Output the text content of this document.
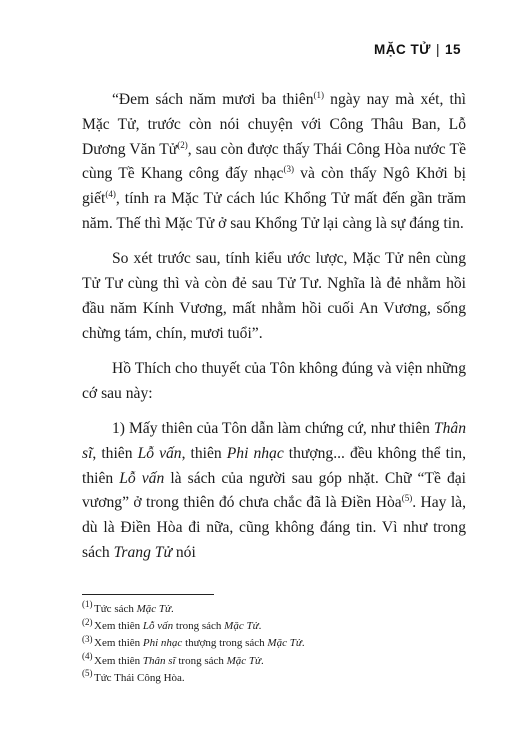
MẶC TỬ | 15

“Đem sách năm mươi ba thiên$^{(1)}$ ngày nay mà xét, thì Mặc Tử, trước còn nói chuyện với Công Thâu Ban, Lỗ Dương Văn Tử$^{(2)}$, sau còn được thấy Thái Công Hòa nước Tề cùng Tề Khang công đấy nhạc$^{(3)}$ và còn thấy Ngô Khởi bị giết$^{(4)}$, tính ra Mặc Tử cách lúc Khổng Tử mất đến gần trăm năm. Thế thì Mặc Tử ở sau Khổng Tử lại càng là sự đáng tin.

So xét trước sau, tính kiểu ước lược, Mặc Tử nên cùng Tử Tư cùng thì và còn đẻ sau Tử Tư. Nghĩa là đẻ nhằm hồi đầu năm Kính Vương, mất nhằm hồi cuối An Vương, sống chừng tám, chín, mươi tuổi”.

Hồ Thích cho thuyết của Tôn không đúng và viện những cớ sau này:

1) Mấy thiên của Tôn dẫn làm chứng cứ, như thiên Thân sĩ, thiên Lỗ vấn, thiên Phi nhạc thượng... đều không thể tin, thiên Lỗ vấn là sách của người sau góp nhặt. Chữ “Tề đại vương” ở trong thiên đó chưa chắc đã là Điền Hòa$^{(5)}$. Hay là, dù là Điền Hòa đi nữa, cũng không đáng tin. Vì như trong sách Trang Tử nói

$^{(1)}$ Tức sách Mặc Tử.
$^{(2)}$ Xem thiên Lỗ vấn trong sách Mặc Tử.
$^{(3)}$ Xem thiên Phi nhạc thượng trong sách Mặc Tử.
$^{(4)}$ Xem thiên Thân sĩ trong sách Mặc Tử.
$^{(5)}$ Tức Thái Công Hòa.
